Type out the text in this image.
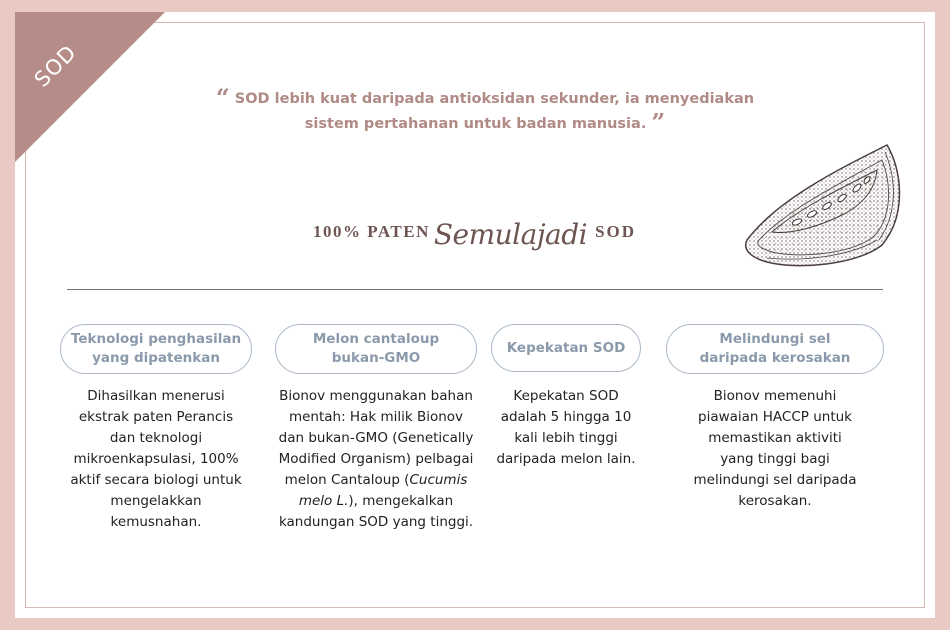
SOD
“ SOD lebih kuat daripada antioksidan sekunder, ia menyediakan
sistem pertahanan untuk badan manusia. ”
100% PATEN Semulajadi SOD
Teknologi penghasilan
yang dipatenkan
Dihasilkan menerusi
ekstrak paten Perancis
dan teknologi
mikroenkapsulasi, 100%
aktif secara biologi untuk
mengelakkan
kemusnahan.
Melon cantaloup
bukan-GMO
Bionov menggunakan bahan
mentah: Hak milik Bionov
dan bukan-GMO (Genetically
Modified Organism) pelbagai
melon Cantaloup (Cucumis
melo L.), mengekalkan
kandungan SOD yang tinggi.
Kepekatan SOD
Kepekatan SOD
adalah 5 hingga 10
kali lebih tinggi
daripada melon lain.
Melindungi sel
daripada kerosakan
Bionov memenuhi
piawaian HACCP untuk
memastikan aktiviti
yang tinggi bagi
melindungi sel daripada
kerosakan.
